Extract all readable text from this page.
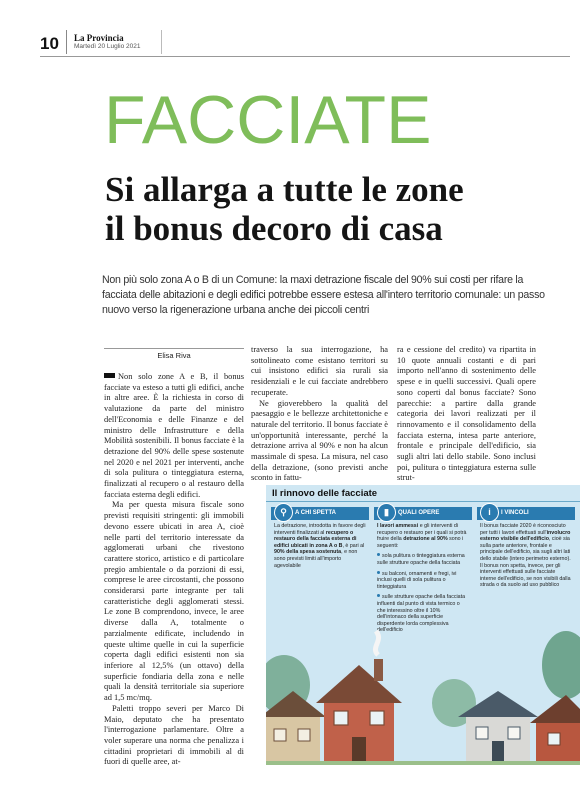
10 La Provincia
Martedì 20 Luglio 2021
FACCIATE
Si allarga a tutte le zone
il bonus decoro di casa
Non più solo zona A o B di un Comune: la maxi detrazione fiscale del 90% sui costi per rifare la facciata delle abitazioni e degli edifici potrebbe essere estesa all'intero territorio comunale: un passo nuovo verso la rigenerazione urbana anche dei piccoli centri
Elisa Riva

Non solo zone A e B, il bonus facciate va esteso a tutti gli edifici, anche in altre aree. È la richiesta in corso di valutazione da parte del ministro dell'Economia e delle Finanze e del ministro delle Infrastrutture e della Mobilità sostenibili. Il bonus facciate è la detrazione del 90% delle spese sostenute nel 2020 e nel 2021 per interventi, anche di sola pulitura o tinteggiatura esterna, finalizzati al recupero o al restauro della facciata esterna degli edifici.

Ma per questa misura fiscale sono previsti requisiti stringenti: gli immobili devono essere ubicati in area A, cioè nelle parti del territorio interessate da agglomerati urbani che rivestono carattere storico, artistico e di particolare pregio ambientale o da porzioni di essi, comprese le aree circostanti, che possono considerarsi parte integrante per tali caratteristiche degli agglomerati stessi. Le zone B comprendono, invece, le aree diverse dalla A, totalmente o parzialmente edificate, includendo in queste ultime quelle in cui la superficie coperta dagli edifici esistenti non sia inferiore al 12,5% (un ottavo) della superficie fondiaria della zona e nelle quali la densità territoriale sia superiore ad 1,5 mc/mq.

Paletti troppo severi per Marco Di Maio, deputato che ha presentato l'interrogazione parlamentare. Oltre a voler superare una norma che penalizza i cittadini proprietari di immobili al di fuori di quelle aree, at-

traverso la sua interrogazione, ha sottolineato come esistano territori su cui insistono edifici sia rurali sia residenziali e le cui facciate andrebbero recuperate.

Ne gioverebbero la qualità del paesaggio e le bellezze architettoniche e naturale del territorio. Il bonus facciate è un'opportunità interessante, perché la detrazione arriva al 90% e non ha alcun massimale di spesa. La misura, nel caso della detrazione, (sono previsti anche sconto in fattu-

ra e cessione del credito) va ripartita in 10 quote annuali costanti e di pari importo nell'anno di sostenimento delle spese e in quelli successivi. Quali opere sono coperti dal bonus facciate? Sono parecchie: a partire dalla grande categoria dei lavori realizzati per il rinnovamento e il consolidamento della facciata esterna, intesa parte anteriore, frontale e principale dell'edificio, sia sugli altri lati dello stabile. Sono inclusi poi, pulitura o tinteggiatura esterna sulle strut-

Il rinnovo delle facciate
⚲	A CHI SPETTA
La detrazione, introdotta in favore degli interventi finalizzati al recupero o restauro della facciata esterna di edifici ubicati in zona A o B, è pari al 90% della spesa sostenuta, e non sono previsti limiti all'importo agevolabile
▮	QUALI OPERE
I lavori ammessi e gli interventi di recupero o restauro per i quali si potrà fruire della detrazione al 90% sono i seguenti:
sola pulitura o tinteggiatura esterna sulle strutture opache della facciata
su balconi, ornamenti e fregi, ivi inclusi quelli di sola pulitura o tinteggiatura
sulle strutture opache della facciata influenti dal punto di vista termico o che interessino oltre il 10% dell'intonaco della superficie disperdente lorda complessiva dell'edificio
i	I VINCOLI
Il bonus facciate 2020 è riconosciuto per tutti i lavori effettuati sull'involucro esterno visibile dell'edificio, cioè sia sulla parte anteriore, frontale e principale dell'edificio, sia sugli altri lati dello stabile (intero perimetro esterno). Il bonus non spetta, invece, per gli interventi effettuati sulle facciate interne dell'edificio, se non visibili dalla strada o da suolo ad uso pubblico
